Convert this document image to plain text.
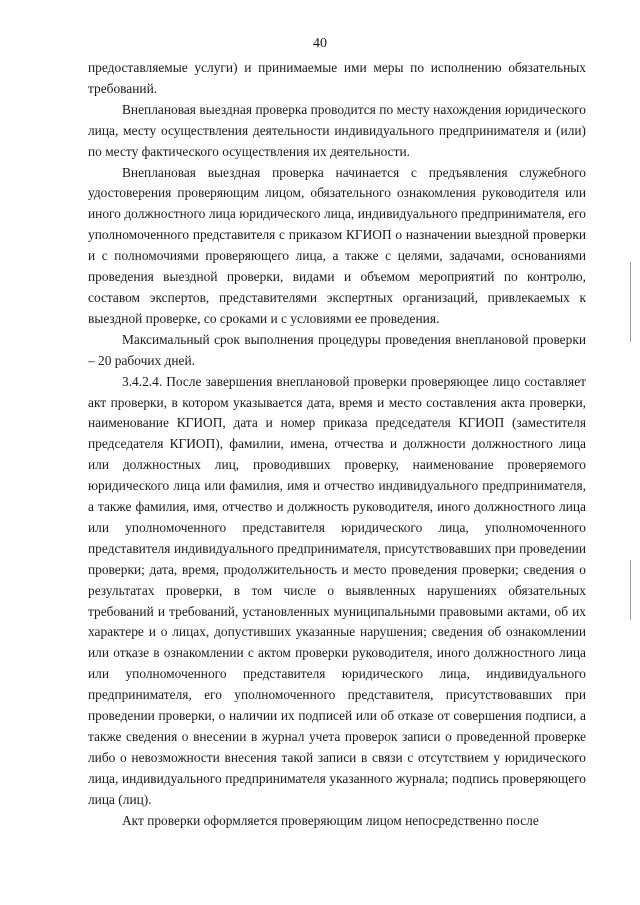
40

предоставляемые услуги) и принимаемые ими меры по исполнению обязательных требований.

Внеплановая выездная проверка проводится по месту нахождения юридического лица, месту осуществления деятельности индивидуального предпринимателя и (или) по месту фактического осуществления их деятельности.

Внеплановая выездная проверка начинается с предъявления служебного удостоверения проверяющим лицом, обязательного ознакомления руководителя или иного должностного лица юридического лица, индивидуального предпринимателя, его уполномоченного представителя с приказом КГИОП о назначении выездной проверки и с полномочиями проверяющего лица, а также с целями, задачами, основаниями проведения выездной проверки, видами и объемом мероприятий по контролю, составом экспертов, представителями экспертных организаций, привлекаемых к выездной проверке, со сроками и с условиями ее проведения.

Максимальный срок выполнения процедуры проведения внеплановой проверки – 20 рабочих дней.

3.4.2.4. После завершения внеплановой проверки проверяющее лицо составляет акт проверки, в котором указывается дата, время и место составления акта проверки, наименование КГИОП, дата и номер приказа председателя КГИОП (заместителя председателя КГИОП), фамилии, имена, отчества и должности должностного лица или должностных лиц, проводивших проверку, наименование проверяемого юридического лица или фамилия, имя и отчество индивидуального предпринимателя, а также фамилия, имя, отчество и должность руководителя, иного должностного лица или уполномоченного представителя юридического лица, уполномоченного представителя индивидуального предпринимателя, присутствовавших при проведении проверки; дата, время, продолжительность и место проведения проверки; сведения о результатах проверки, в том числе о выявленных нарушениях обязательных требований и требований, установленных муниципальными правовыми актами, об их характере и о лицах, допустивших указанные нарушения; сведения об ознакомлении или отказе в ознакомлении с актом проверки руководителя, иного должностного лица или уполномоченного представителя юридического лица, индивидуального предпринимателя, его уполномоченного представителя, присутствовавших при проведении проверки, о наличии их подписей или об отказе от совершения подписи, а также сведения о внесении в журнал учета проверок записи о проведенной проверке либо о невозможности внесения такой записи в связи с отсутствием у юридического лица, индивидуального предпринимателя указанного журнала; подпись проверяющего лица (лиц).

Акт проверки оформляется проверяющим лицом непосредственно после
